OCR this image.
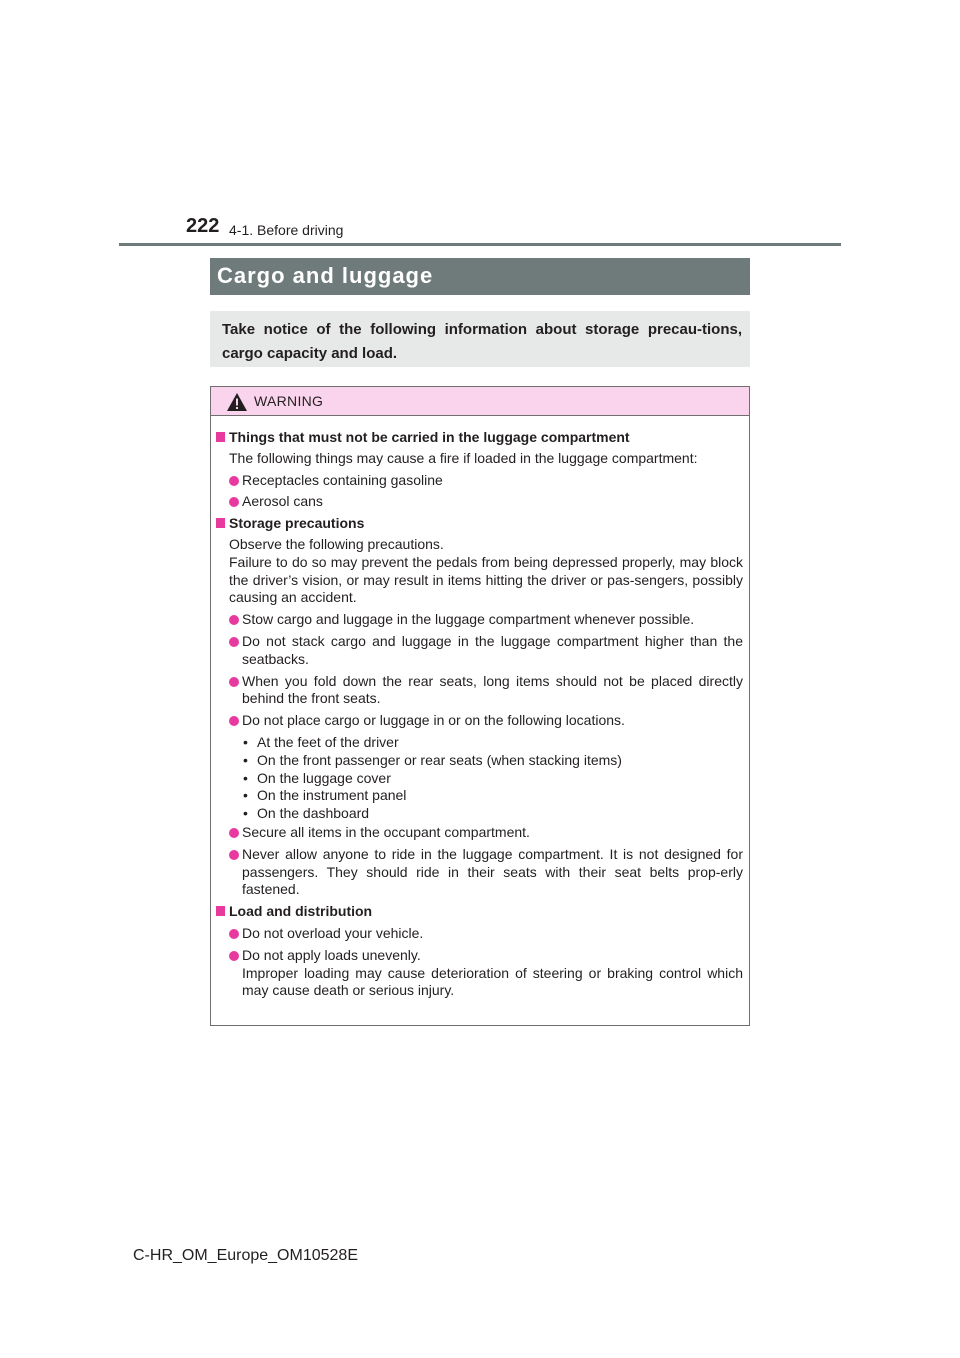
222 4-1. Before driving
Cargo and luggage
Take notice of the following information about storage precau-tions, cargo capacity and load.
WARNING
Things that must not be carried in the luggage compartment
The following things may cause a fire if loaded in the luggage compartment:
Receptacles containing gasoline
Aerosol cans
Storage precautions
Observe the following precautions.
Failure to do so may prevent the pedals from being depressed properly, may block the driver’s vision, or may result in items hitting the driver or pas-sengers, possibly causing an accident.
Stow cargo and luggage in the luggage compartment whenever possible.
Do not stack cargo and luggage in the luggage compartment higher than the seatbacks.
When you fold down the rear seats, long items should not be placed directly behind the front seats.
Do not place cargo or luggage in or on the following locations.
• At the feet of the driver
• On the front passenger or rear seats (when stacking items)
• On the luggage cover
• On the instrument panel
• On the dashboard
Secure all items in the occupant compartment.
Never allow anyone to ride in the luggage compartment. It is not designed for passengers. They should ride in their seats with their seat belts prop-erly fastened.
Load and distribution
Do not overload your vehicle.
Do not apply loads unevenly.
Improper loading may cause deterioration of steering or braking control which may cause death or serious injury.
C-HR_OM_Europe_OM10528E
